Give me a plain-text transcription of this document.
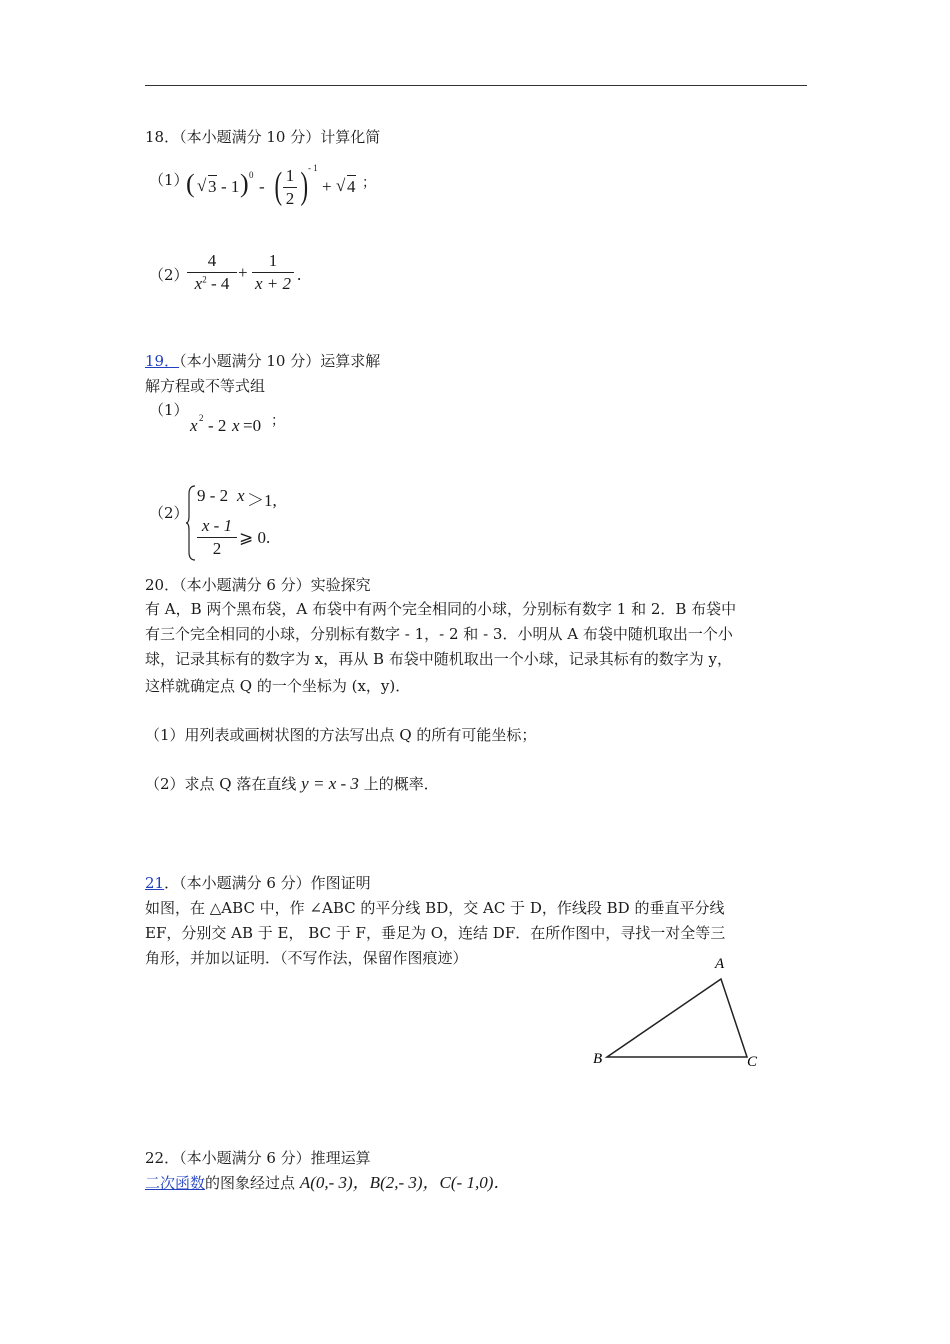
18．（本小题满分 10 分）计算化简
（1）
( √ 3 - 1 ) 0
- ( 1
2 ) - 1
+ √ 4 ；
（2）
4
$x^2 - 4$
+
1
x + 2 .
19．（本小题满分 10 分）运算求解
解方程或不等式组
（1）
x 2 - 2 x =0 ；
（2）
9 - 2 x ＞1,
x - 1
2
⩾ 0.
20．（本小题满分 6 分）实验探究
有 A，B 两个黑布袋，A 布袋中有两个完全相同的小球，分别标有数字 1 和 2．B 布袋中
有三个完全相同的小球，分别标有数字 - 1，- 2 和 - 3．小明从 A 布袋中随机取出一个小
球，记录其标有的数字为 x，再从 B 布袋中随机取出一个小球，记录其标有的数字为 y，
这样就确定点 Q 的一个坐标为 (x，y)．
（1）用列表或画树状图的方法写出点 Q 的所有可能坐标；
（2）求点 Q 落在直线 y = x - 3 上的概率．
21．（本小题满分 6 分）作图证明
如图，在 △ABC 中，作 ∠ABC 的平分线 BD，交 AC 于 D，作线段 BD 的垂直平分线
EF，分别交 AB 于 E， BC 于 F，垂足为 O，连结 DF．在所作图中，寻找一对全等三
角形，并加以证明．（不写作法，保留作图痕迹）	A
B	C
22．（本小题满分 6 分）推理运算
二次函数的图象经过点 A(0,- 3)，B(2,- 3)，C(- 1,0)．
